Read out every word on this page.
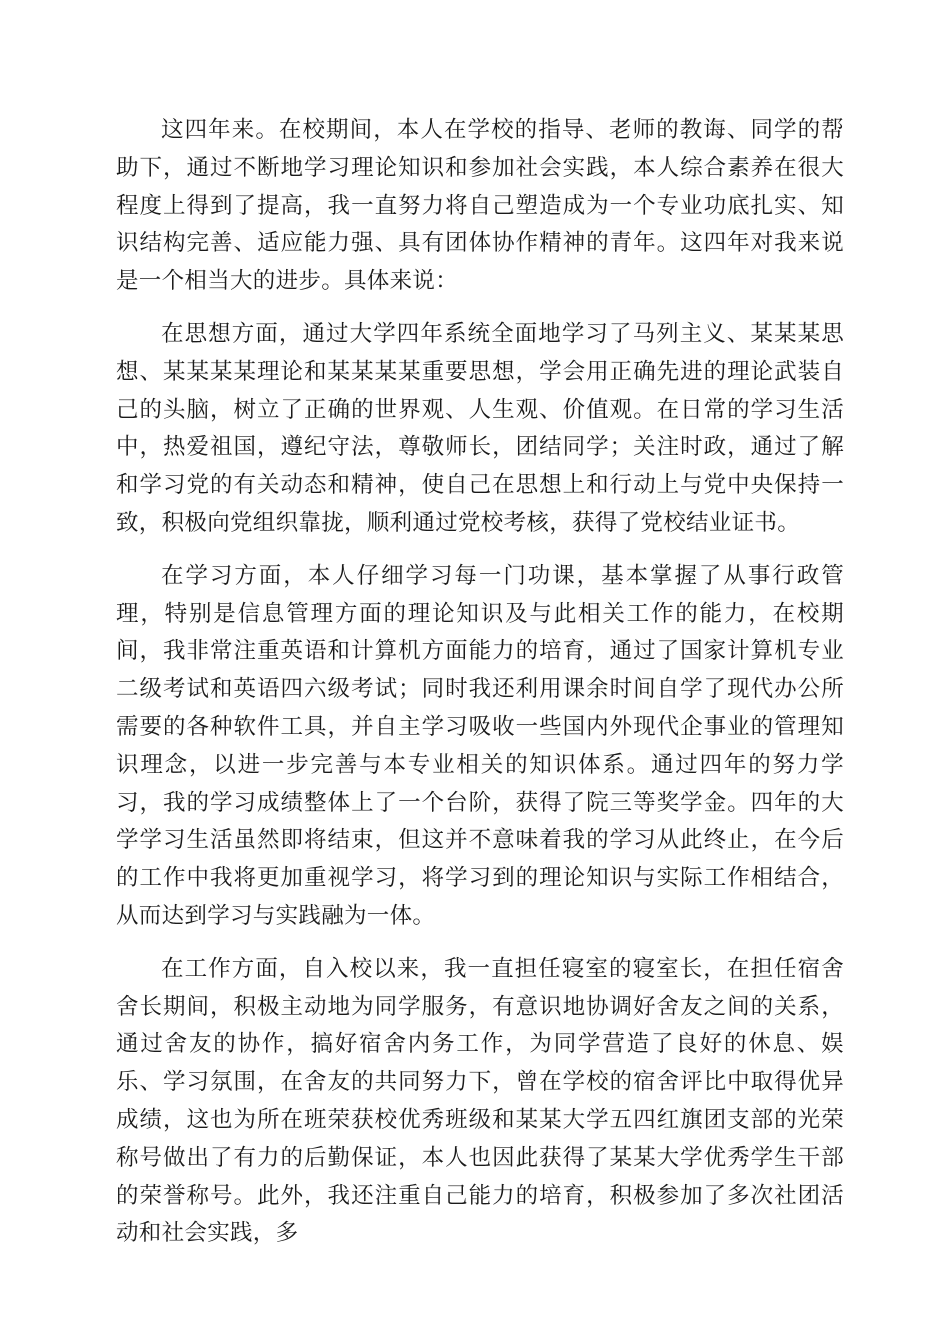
这四年来。在校期间，本人在学校的指导、老师的教诲、同学的帮助下，通过不断地学习理论知识和参加社会实践，本人综合素养在很大程度上得到了提高，我一直努力将自己塑造成为一个专业功底扎实、知识结构完善、适应能力强、具有团体协作精神的青年。这四年对我来说是一个相当大的进步。具体来说：

在思想方面，通过大学四年系统全面地学习了马列主义、某某某思想、某某某某理论和某某某某重要思想，学会用正确先进的理论武装自己的头脑，树立了正确的世界观、人生观、价值观。在日常的学习生活中，热爱祖国，遵纪守法，尊敬师长，团结同学；关注时政，通过了解和学习党的有关动态和精神，使自己在思想上和行动上与党中央保持一致，积极向党组织靠拢，顺利通过党校考核，获得了党校结业证书。

在学习方面，本人仔细学习每一门功课，基本掌握了从事行政管理，特别是信息管理方面的理论知识及与此相关工作的能力，在校期间，我非常注重英语和计算机方面能力的培育，通过了国家计算机专业二级考试和英语四六级考试；同时我还利用课余时间自学了现代办公所需要的各种软件工具，并自主学习吸收一些国内外现代企事业的管理知识理念，以进一步完善与本专业相关的知识体系。通过四年的努力学习，我的学习成绩整体上了一个台阶，获得了院三等奖学金。四年的大学学习生活虽然即将结束，但这并不意味着我的学习从此终止，在今后的工作中我将更加重视学习，将学习到的理论知识与实际工作相结合，从而达到学习与实践融为一体。

在工作方面，自入校以来，我一直担任寝室的寝室长，在担任宿舍舍长期间，积极主动地为同学服务，有意识地协调好舍友之间的关系，通过舍友的协作，搞好宿舍内务工作，为同学营造了良好的休息、娱乐、学习氛围，在舍友的共同努力下，曾在学校的宿舍评比中取得优异成绩，这也为所在班荣获校优秀班级和某某大学五四红旗团支部的光荣称号做出了有力的后勤保证，本人也因此获得了某某大学优秀学生干部的荣誉称号。此外，我还注重自己能力的培育，积极参加了多次社团活动和社会实践，多
